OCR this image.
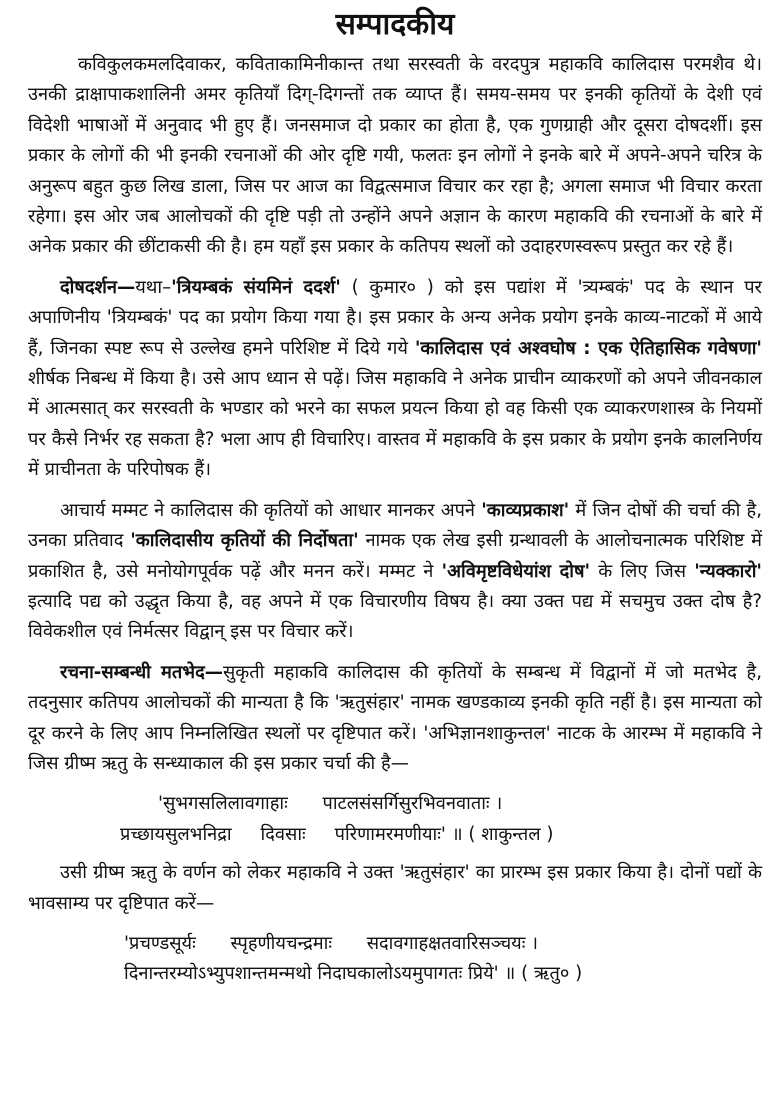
सम्पादकीय

कविकुलकमलदिवाकर, कविताकामिनीकान्त तथा सरस्वती के वरदपुत्र महाकवि कालिदास परमशैव थे। उनकी द्राक्षापाकशालिनी अमर कृतियाँ दिग्-दिगन्तों तक व्याप्त हैं। समय-समय पर इनकी कृतियों के देशी एवं विदेशी भाषाओं में अनुवाद भी हुए हैं। जनसमाज दो प्रकार का होता है, एक गुणग्राही और दूसरा दोषदर्शी। इस प्रकार के लोगों की भी इनकी रचनाओं की ओर दृष्टि गयी, फलतः इन लोगों ने इनके बारे में अपने-अपने चरित्र के अनुरूप बहुत कुछ लिख डाला, जिस पर आज का विद्वत्समाज विचार कर रहा है; अगला समाज भी विचार करता रहेगा। इस ओर जब आलोचकों की दृष्टि पड़ी तो उन्होंने अपने अज्ञान के कारण महाकवि की रचनाओं के बारे में अनेक प्रकार की छींटाकसी की है। हम यहाँ इस प्रकार के कतिपय स्थलों को उदाहरणस्वरूप प्रस्तुत कर रहे हैं।

दोषदर्शन—यथा–'त्रियम्बकं संयमिनं ददर्श' ( कुमार० ) को इस पद्यांश में 'त्र्यम्बकं' पद के स्थान पर अपाणिनीय 'त्रियम्बकं' पद का प्रयोग किया गया है। इस प्रकार के अन्य अनेक प्रयोग इनके काव्य-नाटकों में आये हैं, जिनका स्पष्ट रूप से उल्लेख हमने परिशिष्ट में दिये गये 'कालिदास एवं अश्वघोष : एक ऐतिहासिक गवेषणा' शीर्षक निबन्ध में किया है। उसे आप ध्यान से पढ़ें। जिस महाकवि ने अनेक प्राचीन व्याकरणों को अपने जीवनकाल में आत्मसात् कर सरस्वती के भण्डार को भरने का सफल प्रयत्न किया हो वह किसी एक व्याकरणशास्त्र के नियमों पर कैसे निर्भर रह सकता है? भला आप ही विचारिए। वास्तव में महाकवि के इस प्रकार के प्रयोग इनके कालनिर्णय में प्राचीनता के परिपोषक हैं।

आचार्य मम्मट ने कालिदास की कृतियों को आधार मानकर अपने 'काव्यप्रकाश' में जिन दोषों की चर्चा की है, उनका प्रतिवाद 'कालिदासीय कृतियों की निर्दोषता' नामक एक लेख इसी ग्रन्थावली के आलोचनात्मक परिशिष्ट में प्रकाशित है, उसे मनोयोगपूर्वक पढ़ें और मनन करें। मम्मट ने 'अविमृष्टविधेयांश दोष' के लिए जिस 'न्यक्कारो' इत्यादि पद्य को उद्धृत किया है, वह अपने में एक विचारणीय विषय है। क्या उक्त पद्य में सचमुच उक्त दोष है? विवेकशील एवं निर्मत्सर विद्वान् इस पर विचार करें।

रचना-सम्बन्धी मतभेद—सुकृती महाकवि कालिदास की कृतियों के सम्बन्ध में विद्वानों में जो मतभेद है, तदनुसार कतिपय आलोचकों की मान्यता है कि 'ऋतुसंहार' नामक खण्डकाव्य इनकी कृति नहीं है। इस मान्यता को दूर करने के लिए आप निम्नलिखित स्थलों पर दृष्टिपात करें। 'अभिज्ञानशाकुन्तल' नाटक के आरम्भ में महाकवि ने जिस ग्रीष्म ऋतु के सन्ध्याकाल की इस प्रकार चर्चा की है—

'सुभगसलिलावगाहाः      पाटलसंसर्गिसुरभिवनवाताः ।

प्रच्छायसुलभनिद्रा     दिवसाः     परिणामरमणीयाः' ॥ ( शाकुन्तल )

उसी ग्रीष्म ऋतु के वर्णन को लेकर महाकवि ने उक्त 'ऋतुसंहार' का प्रारम्भ इस प्रकार किया है। दोनों पद्यों के भावसाम्य पर दृष्टिपात करें—

'प्रचण्डसूर्यः      स्पृहणीयचन्द्रमाः      सदावगाहक्षतवारिसञ्चयः ।

दिनान्तरम्योऽभ्युपशान्तमन्मथो निदाघकालोऽयमुपागतः प्रिये' ॥ ( ऋतु० )
